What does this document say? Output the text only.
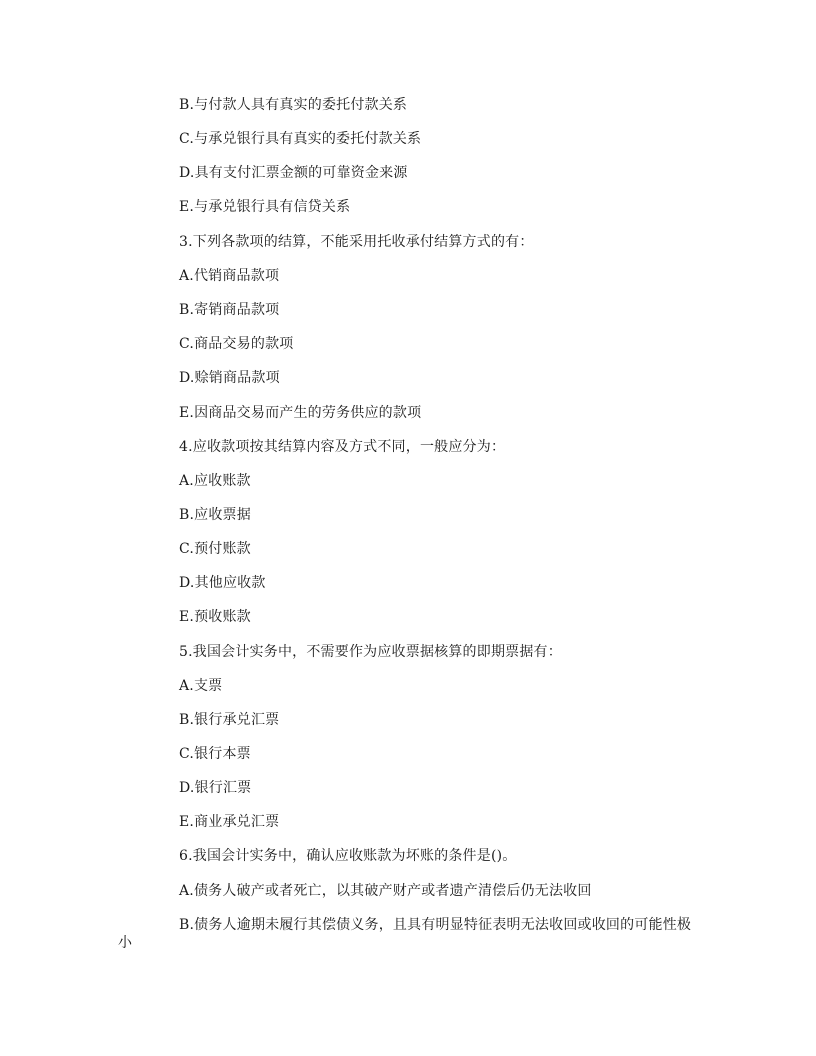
B.与付款人具有真实的委托付款关系
C.与承兑银行具有真实的委托付款关系
D.具有支付汇票金额的可靠资金来源
E.与承兑银行具有信贷关系
3.下列各款项的结算，不能采用托收承付结算方式的有：
A.代销商品款项
B.寄销商品款项
C.商品交易的款项
D.赊销商品款项
E.因商品交易而产生的劳务供应的款项
4.应收款项按其结算内容及方式不同，一般应分为：
A.应收账款
B.应收票据
C.预付账款
D.其他应收款
E.预收账款
5.我国会计实务中，不需要作为应收票据核算的即期票据有：
A.支票
B.银行承兑汇票
C.银行本票
D.银行汇票
E.商业承兑汇票
6.我国会计实务中，确认应收账款为坏账的条件是()。
A.债务人破产或者死亡，以其破产财产或者遗产清偿后仍无法收回
B.债务人逾期未履行其偿债义务，且具有明显特征表明无法收回或收回的可能性极
小
